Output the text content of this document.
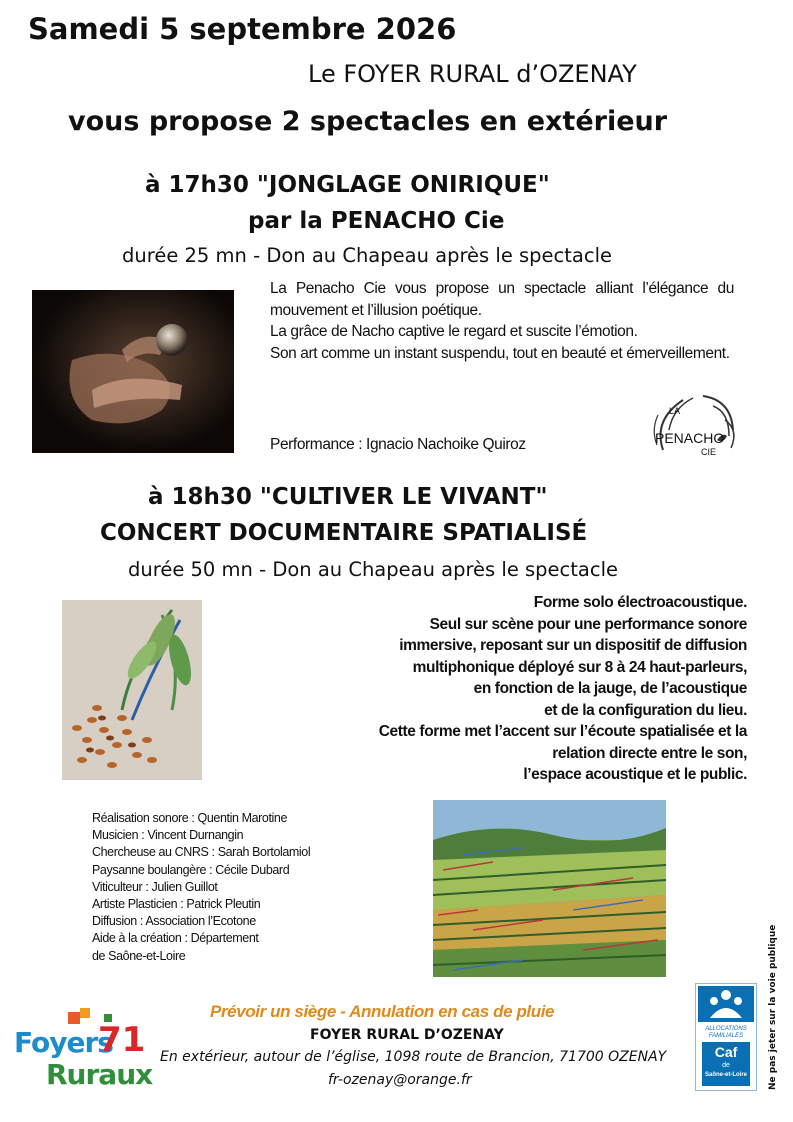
Samedi 5 septembre 2026
Le FOYER RURAL d’OZENAY
vous propose 2 spectacles en extérieur
à 17h30 "JONGLAGE ONIRIQUE"
par la PENACHO Cie
durée 25 mn - Don au Chapeau après le spectacle

La Penacho Cie vous propose un spectacle alliant l’élégance du mouvement et l’illusion poétique.

La grâce de Nacho captive le regard et suscite l’émotion.

Son art comme un instant suspendu, tout en beauté et émerveillement.

Performance : Ignacio Nachoike Quiroz
LA
PENACHO
CIE
à 18h30 "CULTIVER LE VIVANT"
CONCERT DOCUMENTAIRE SPATIALISÉ
durée 50 mn - Don au Chapeau après le spectacle

Forme solo électroacoustique.

Seul sur scène pour une performance sonore

immersive, reposant sur un dispositif de diffusion

multiphonique déployé sur 8 à 24 haut-parleurs,

en fonction de la jauge, de l’acoustique

et de la configuration du lieu.

Cette forme met l’accent sur l’écoute spatialisée et la

relation directe entre le son,

l’espace acoustique et le public.

Réalisation sonore : Quentin Marotine
Musicien : Vincent Durnangin
Chercheuse au CNRS : Sarah Bortolamiol
Paysanne boulangère : Cécile Dubard
Viticulteur : Julien Guillot
Artiste Plasticien : Patrick Pleutin
Diffusion : Association l’Ecotone
Aide à la création : Département
de Saône-et-Loire
Prévoir un siège - Annulation en cas de pluie
FOYER RURAL D’OZENAY
En extérieur, autour de l’église, 1098 route de Brancion, 71700 OZENAY
fr-ozenay@orange.fr
Foyers
71
Ruraux
ALLOCATIONS
FAMILIALES
Caf
de
Saône-et-Loire	Ne pas jeter sur la voie publique
